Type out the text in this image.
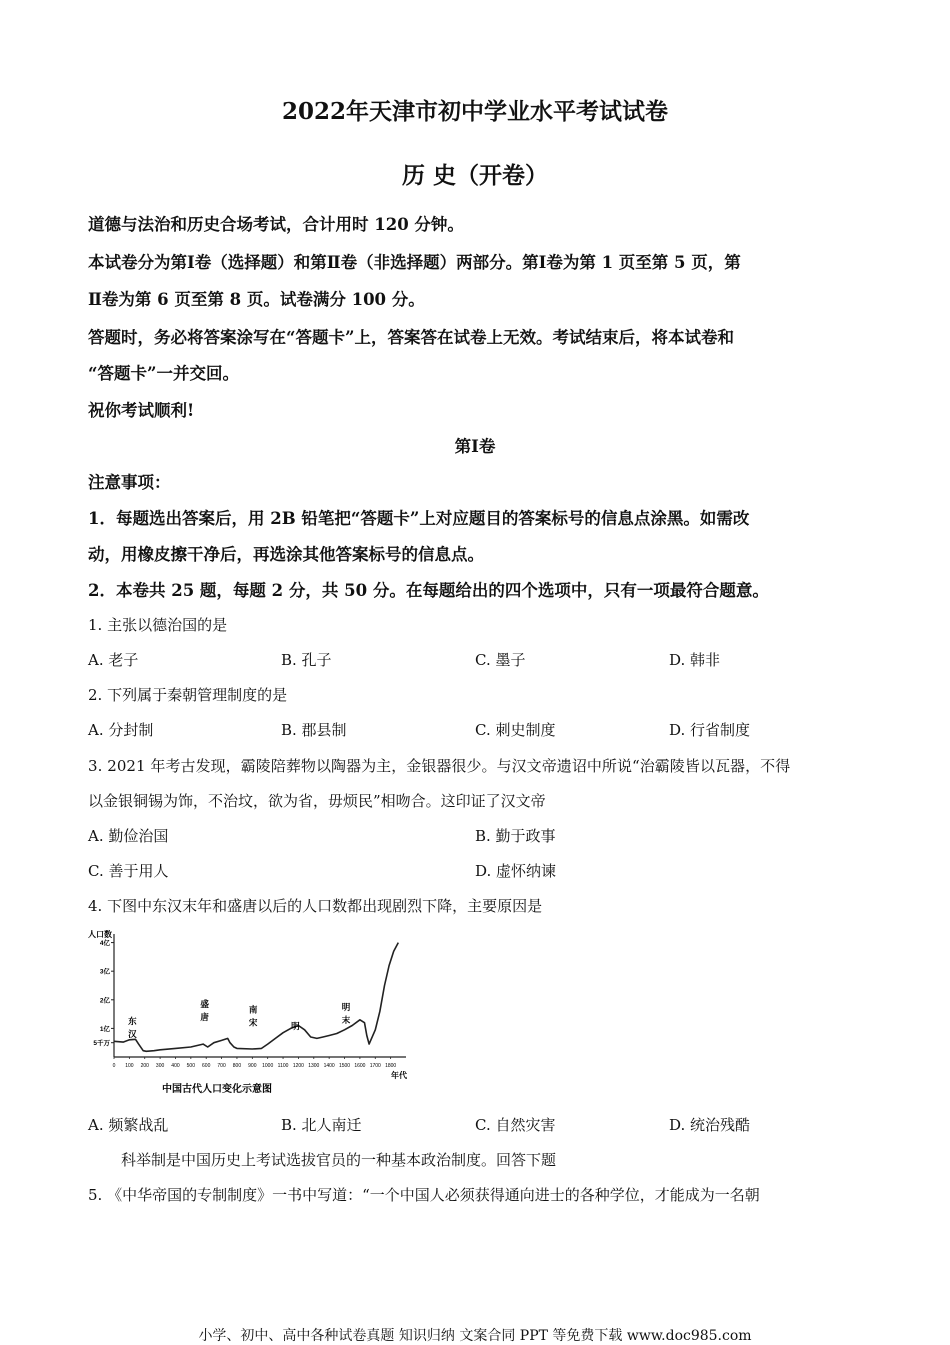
2022年天津市初中学业水平考试试卷
历 史（开卷）
道德与法治和历史合场考试，合计用时 120 分钟。
本试卷分为第Ⅰ卷（选择题）和第Ⅱ卷（非选择题）两部分。第Ⅰ卷为第 1 页至第 5 页，第
Ⅱ卷为第 6 页至第 8 页。试卷满分 100 分。
答题时，务必将答案涂写在“答题卡”上，答案答在试卷上无效。考试结束后，将本试卷和
“答题卡”一并交回。
祝你考试顺利!
第Ⅰ卷
注意事项：
1．每题选出答案后，用 2B 铅笔把“答题卡”上对应题目的答案标号的信息点涂黑。如需改
动，用橡皮擦干净后，再选涂其他答案标号的信息点。
2．本卷共 25 题，每题 2 分，共 50 分。在每题给出的四个选项中，只有一项最符合题意。
1. 主张以德治国的是
A. 老子	B. 孔子	C. 墨子	D. 韩非
2. 下列属于秦朝管理制度的是
A. 分封制	B. 郡县制	C. 刺史制度	D. 行省制度
3. 2021 年考古发现，霸陵陪葬物以陶器为主，金银器很少。与汉文帝遗诏中所说“治霸陵皆以瓦器，不得
以金银铜锡为饰，不治坟，欲为省，毋烦民”相吻合。这印证了汉文帝
A. 勤俭治国	B. 勤于政事
C. 善于用人	D. 虚怀纳谏
4. 下图中东汉末年和盛唐以后的人口数都出现剧烈下降，主要原因是
5千万
1亿
2亿
3亿
4亿
0 100 200 300 400 500 600 700 800 900 1000 1100 1200 1300 1400 1500 1600 1700 1800
东汉
盛唐
南宋	明
明末
人口数
年代
中国古代人口变化示意图
A. 频繁战乱	B. 北人南迁	C. 自然灾害	D. 统治残酷
科举制是中国历史上考试选拔官员的一种基本政治制度。回答下题
5. 《中华帝国的专制制度》一书中写道：“一个中国人必须获得通向进士的各种学位，才能成为一名朝
小学、初中、高中各种试卷真题 知识归纳 文案合同 PPT 等免费下载 www.doc985.com
